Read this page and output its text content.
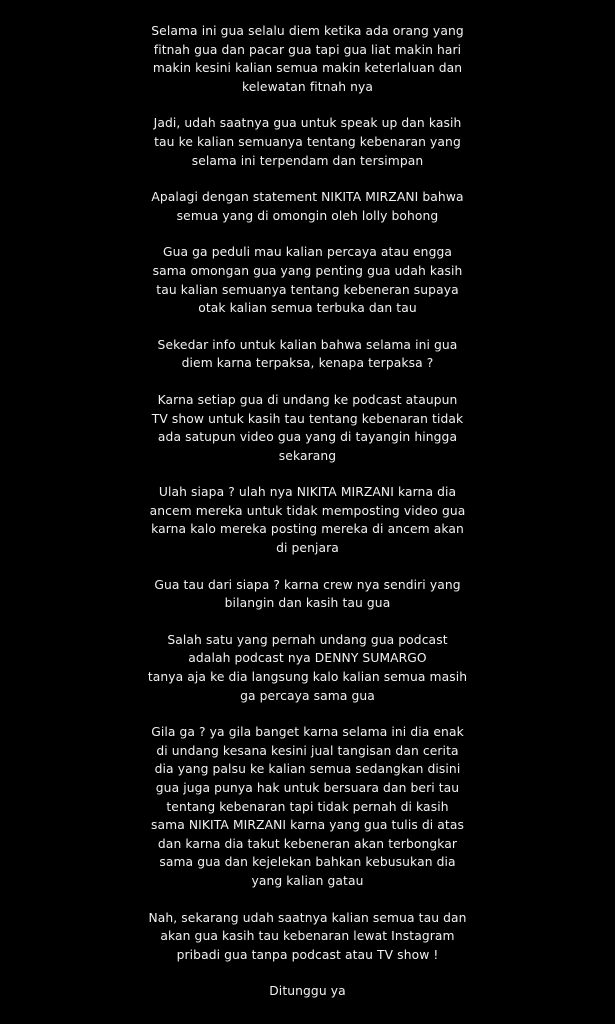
Selama ini gua selalu diem ketika ada orang yang
fitnah gua dan pacar gua tapi gua liat makin hari
makin kesini kalian semua makin keterlaluan dan
kelewatan fitnah nya
Jadi, udah saatnya gua untuk speak up dan kasih
tau ke kalian semuanya tentang kebenaran yang
selama ini terpendam dan tersimpan
Apalagi dengan statement NIKITA MIRZANI bahwa
semua yang di omongin oleh lolly bohong
Gua ga peduli mau kalian percaya atau engga
sama omongan gua yang penting gua udah kasih
tau kalian semuanya tentang kebeneran supaya
otak kalian semua terbuka dan tau
Sekedar info untuk kalian bahwa selama ini gua
diem karna terpaksa, kenapa terpaksa ?
Karna setiap gua di undang ke podcast ataupun
TV show untuk kasih tau tentang kebenaran tidak
ada satupun video gua yang di tayangin hingga
sekarang
Ulah siapa ? ulah nya NIKITA MIRZANI karna dia
ancem mereka untuk tidak memposting video gua
karna kalo mereka posting mereka di ancem akan
di penjara
Gua tau dari siapa ? karna crew nya sendiri yang
bilangin dan kasih tau gua
Salah satu yang pernah undang gua podcast
adalah podcast nya DENNY SUMARGO
tanya aja ke dia langsung kalo kalian semua masih
ga percaya sama gua
Gila ga ? ya gila banget karna selama ini dia enak
di undang kesana kesini jual tangisan dan cerita
dia yang palsu ke kalian semua sedangkan disini
gua juga punya hak untuk bersuara dan beri tau
tentang kebenaran tapi tidak pernah di kasih
sama NIKITA MIRZANI karna yang gua tulis di atas
dan karna dia takut kebeneran akan terbongkar
sama gua dan kejelekan bahkan kebusukan dia
yang kalian gatau
Nah, sekarang udah saatnya kalian semua tau dan
akan gua kasih tau kebenaran lewat Instagram
pribadi gua tanpa podcast atau TV show !
Ditunggu ya
